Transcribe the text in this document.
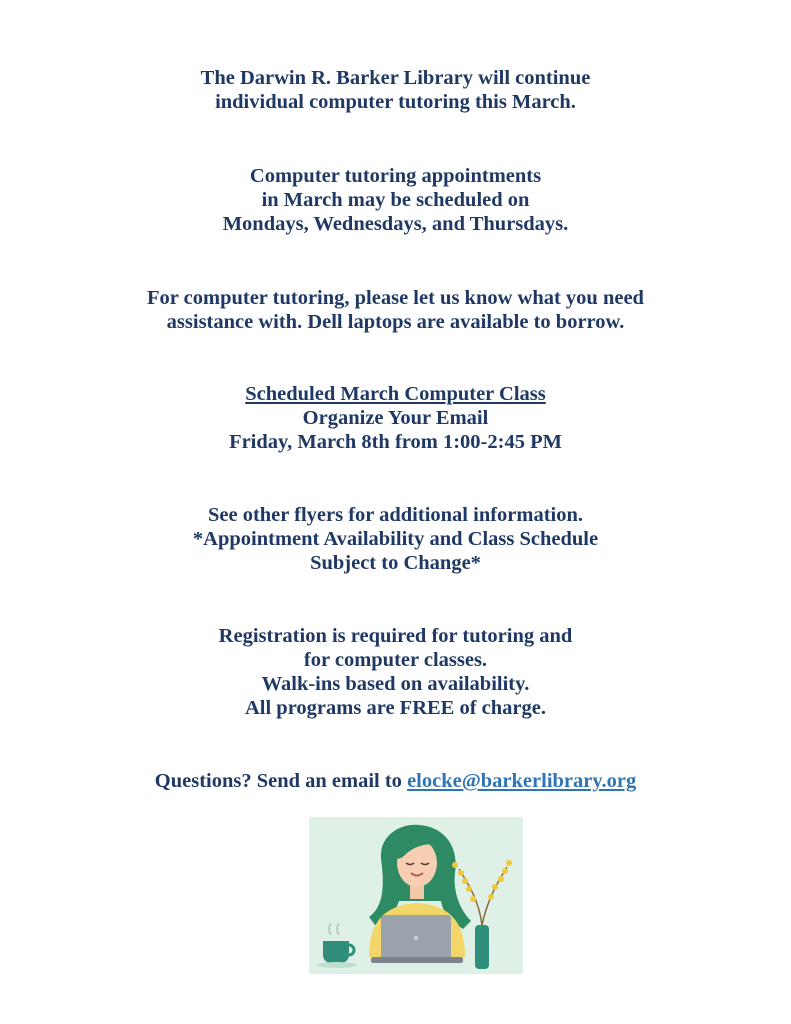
The Darwin R. Barker Library will continue
individual computer tutoring this March.
Computer tutoring appointments
in March may be scheduled on
Mondays, Wednesdays, and Thursdays.
For computer tutoring, please let us know what you need
assistance with. Dell laptops are available to borrow.
Scheduled March Computer Class
Organize Your Email
Friday, March 8th from 1:00-2:45 PM
See other flyers for additional information.
*Appointment Availability and Class Schedule
Subject to Change*
Registration is required for tutoring and
for computer classes.
Walk-ins based on availability.
All programs are FREE of charge.
Questions? Send an email to elocke@barkerlibrary.org
